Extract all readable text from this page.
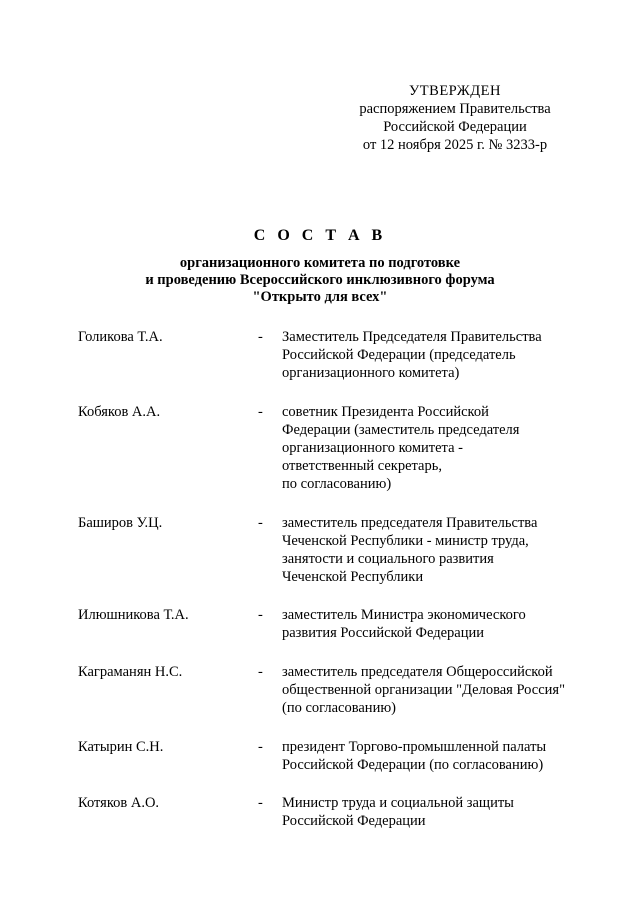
УТВЕРЖДЕН
распоряжением Правительства
Российской Федерации
от 12 ноября 2025 г. № 3233-р
С О С Т А В
организационного комитета по подготовке
и проведению Всероссийского инклюзивного форума
"Открыто для всех"
Голикова Т.А.	-	Заместитель Председателя Правительства
Российской Федерации (председатель
организационного комитета)
Кобяков А.А.	-	советник Президента Российской
Федерации (заместитель председателя
организационного комитета -
ответственный секретарь,
по согласованию)
Баширов У.Ц.	-	заместитель председателя Правительства
Чеченской Республики - министр труда,
занятости и социального развития
Чеченской Республики
Илюшникова Т.А.	-	заместитель Министра экономического
развития Российской Федерации
Каграманян Н.С.	-	заместитель председателя Общероссийской
общественной организации "Деловая Россия"
(по согласованию)
Катырин С.Н.	-	президент Торгово-промышленной палаты
Российской Федерации (по согласованию)
Котяков А.О.	-	Министр труда и социальной защиты
Российской Федерации
